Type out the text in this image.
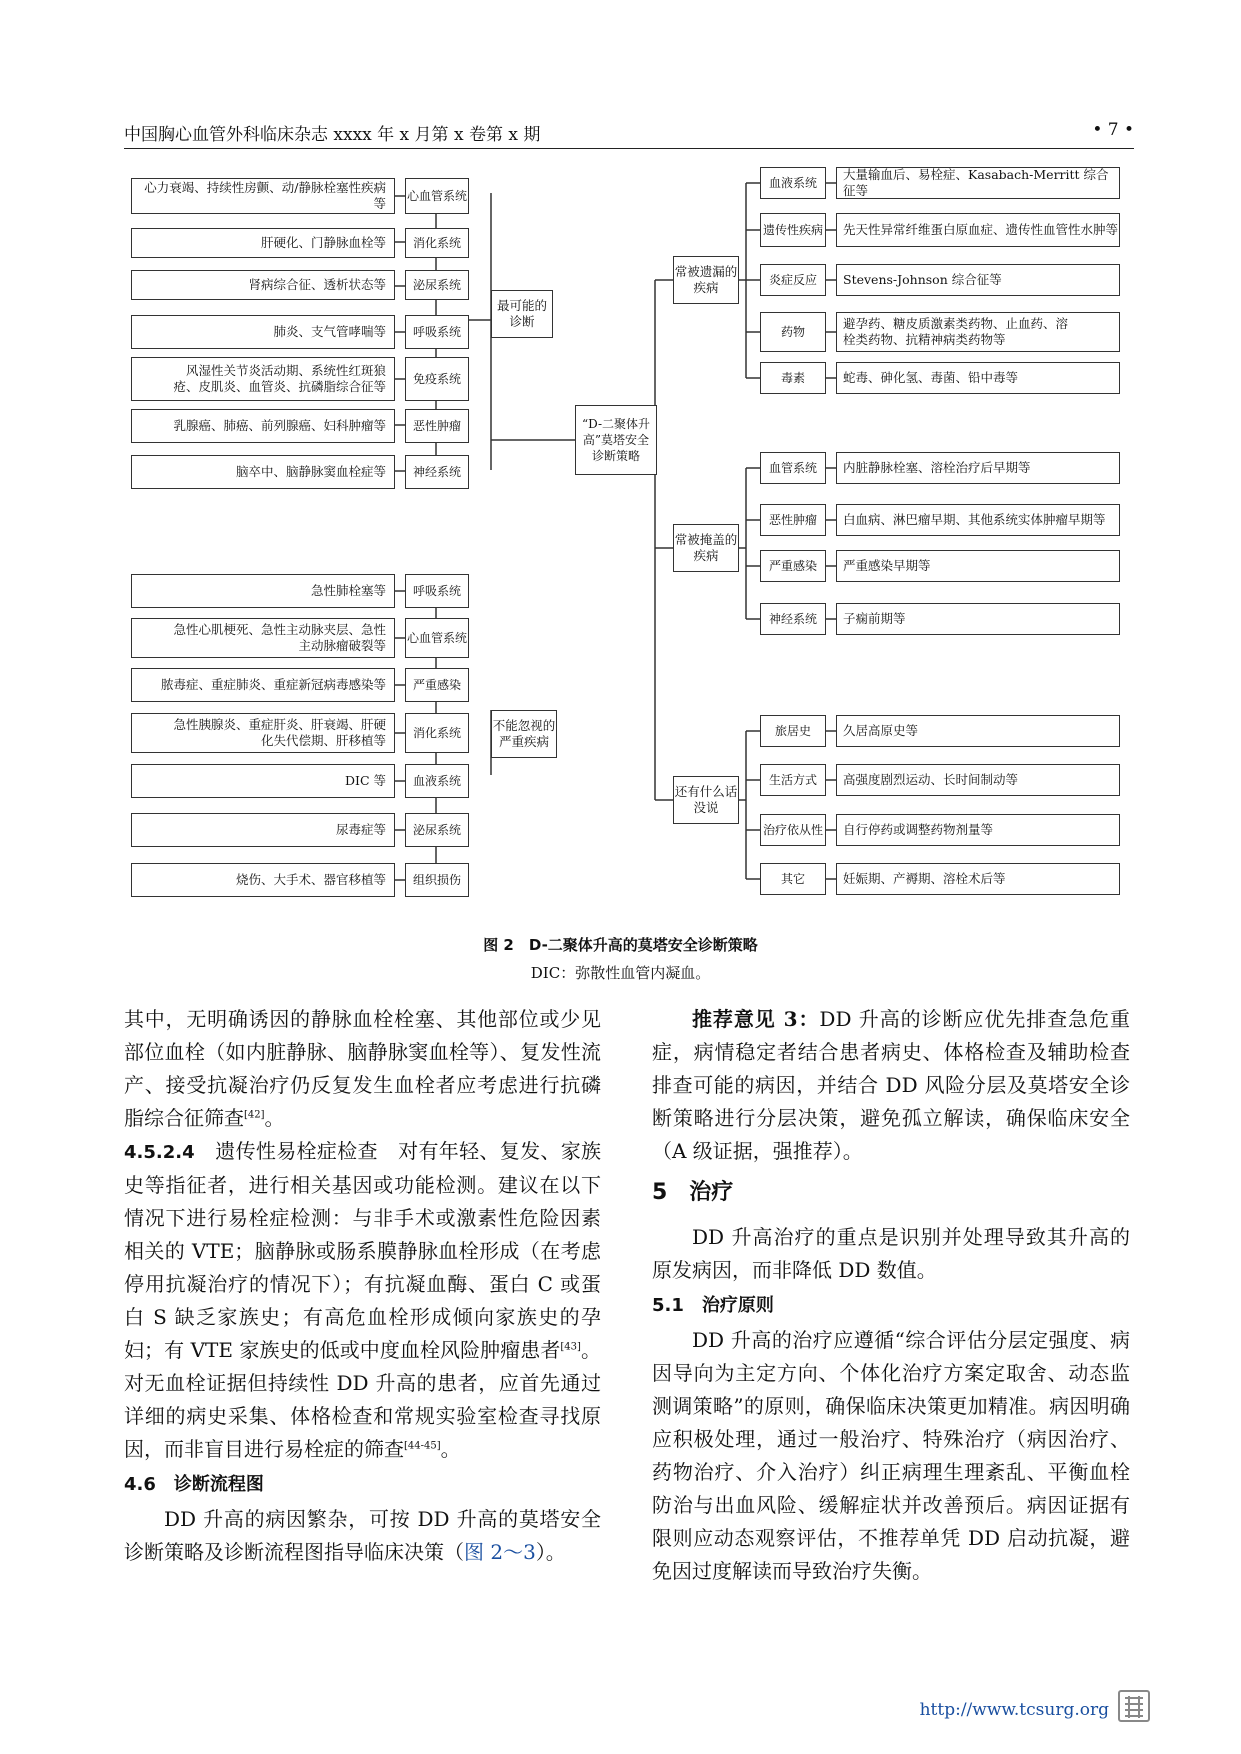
中国胸心血管外科临床杂志 xxxx 年 x 月第 x 卷第 x 期	• 7 •
“D-二聚体升高”莫塔安全诊断策略
最可能的诊断
心力衰竭、持续性房颤、动/静脉栓塞性疾病等 心血管系统
肝硬化、门静脉血栓等 消化系统
肾病综合征、透析状态等 泌尿系统
肺炎、支气管哮喘等 呼吸系统
风湿性关节炎活动期、系统性红斑狼疮、皮肌炎、血管炎、抗磷脂综合征等 免疫系统
乳腺癌、肺癌、前列腺癌、妇科肿瘤等 恶性肿瘤
脑卒中、脑静脉窦血栓症等 神经系统
不能忽视的严重疾病
急性肺栓塞等 呼吸系统
急性心肌梗死、急性主动脉夹层、急性主动脉瘤破裂等 心血管系统
脓毒症、重症肺炎、重症新冠病毒感染等 严重感染
急性胰腺炎、重症肝炎、肝衰竭、肝硬化失代偿期、肝移植等 消化系统
DIC 等 血液系统
尿毒症等 泌尿系统
烧伤、大手术、器官移植等 组织损伤
常被遗漏的疾病
常被掩盖的疾病
还有什么话没说
血液系统
大量输血后、易栓症、Kasabach-Merritt 综合征等
遗传性疾病 先天性异常纤维蛋白原血症、遗传性血管性水肿等
炎症反应 Stevens-Johnson 综合征等
药物
避孕药、糖皮质激素类药物、止血药、溶栓类药物、抗精神病类药物等
毒素	蛇毒、砷化氢、毒菌、铅中毒等
血管系统 内脏静脉栓塞、溶栓治疗后早期等
恶性肿瘤 白血病、淋巴瘤早期、其他系统实体肿瘤早期等
严重感染 严重感染早期等
神经系统 子痫前期等
旅居史	久居高原史等
生活方式 高强度剧烈运动、长时间制动等
治疗依从性 自行停药或调整药物剂量等
其它	妊娠期、产褥期、溶栓术后等
图 2　D-二聚体升高的莫塔安全诊断策略
DIC：弥散性血管内凝血。

其中，无明确诱因的静脉血栓栓塞、其他部位或少见部位血栓（如内脏静脉、脑静脉窦血栓等）、复发性流产、接受抗凝治疗仍反复发生血栓者应考虑进行抗磷脂综合征筛查[42]。

4.5.2.4　 遗传性易栓症检查　 对有年轻、复发、家族史等指征者，进行相关基因或功能检测。建议在以下情况下进行易栓症检测：与非手术或激素性危险因素相关的 VTE；脑静脉或肠系膜静脉血栓形成（在考虑停用抗凝治疗的情况下）；有抗凝血酶、蛋白 C 或蛋白 S 缺乏家族史；有高危血栓形成倾向家族史的孕妇；有 VTE 家族史的低或中度血栓风险肿瘤患者[43]。对无血栓证据但持续性 DD 升高的患者，应首先通过详细的病史采集、体格检查和常规实验室检查寻找原因，而非盲目进行易栓症的筛查[44-45]。

4.6　诊断流程图

DD 升高的病因繁杂，可按 DD 升高的莫塔安全诊断策略及诊断流程图指导临床决策（图 2～3）。

推荐意见 3：DD 升高的诊断应优先排查急危重症，病情稳定者结合患者病史、体格检查及辅助检查排查可能的病因，并结合 DD 风险分层及莫塔安全诊断策略进行分层决策，避免孤立解读，确保临床安全（A 级证据，强推荐）。

5　治疗

DD 升高治疗的重点是识别并处理导致其升高的原发病因，而非降低 DD 数值。

5.1　治疗原则

DD 升高的治疗应遵循“综合评估分层定强度、病因导向为主定方向、个体化治疗方案定取舍、动态监测调策略”的原则，确保临床决策更加精准。病因明确应积极处理，通过一般治疗、特殊治疗（病因治疗、药物治疗、介入治疗）纠正病理生理紊乱、平衡血栓防治与出血风险、缓解症状并改善预后。病因证据有限则应动态观察评估，不推荐单凭 DD 启动抗凝，避免因过度解读而导致治疗失衡。

http://www.tcsurg.org
